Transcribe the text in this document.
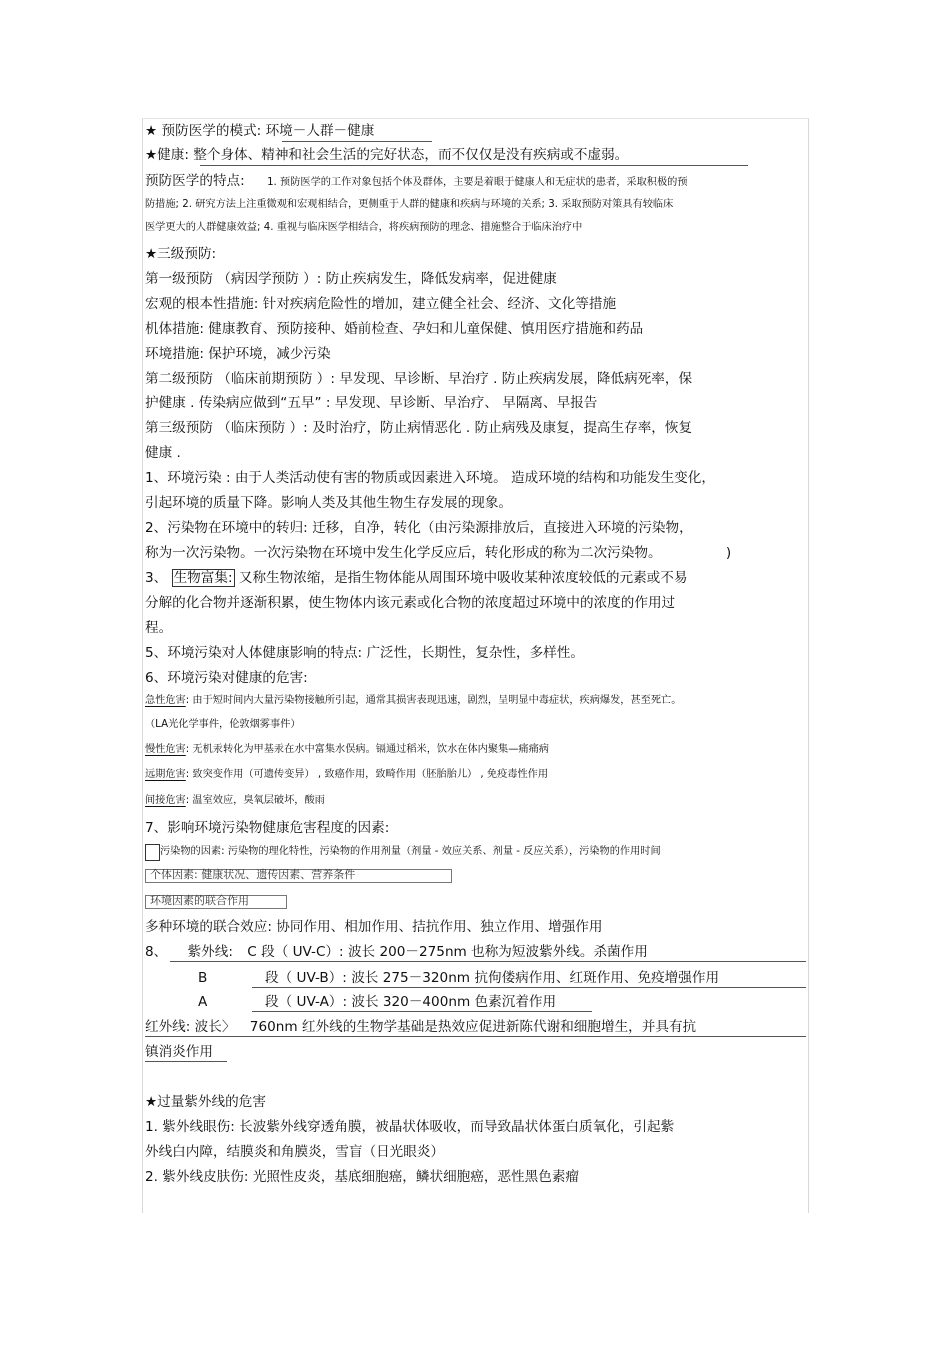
★ 预防医学的模式: 环境－人群－健康
★健康: 整个身体、精神和社会生活的完好状态，而不仅仅是没有疾病或不虚弱。
预防医学的特点: 1. 预防医学的工作对象包括个体及群体，主要是着眼于健康人和无症状的患者，采取积极的预
防措施; 2. 研究方法上注重微观和宏观相结合，更侧重于人群的健康和疾病与环境的关系; 3. 采取预防对策具有较临床
医学更大的人群健康效益; 4. 重视与临床医学相结合，将疾病预防的理念、措施整合于临床治疗中
★三级预防:
第一级预防 （病因学预防 ）: 防止疾病发生，降低发病率，促进健康
宏观的根本性措施: 针对疾病危险性的增加，建立健全社会、经济、文化等措施
机体措施: 健康教育、预防接种、婚前检查、孕妇和儿童保健、慎用医疗措施和药品
环境措施: 保护环境，减少污染
第二级预防 （临床前期预防 ）: 早发现、早诊断、早治疗 . 防止疾病发展，降低病死率，保
护健康 . 传染病应做到“五早” : 早发现、早诊断、早治疗、 早隔离、早报告
第三级预防 （临床预防 ）: 及时治疗，防止病情恶化 . 防止病残及康复，提高生存率，恢复
健康 .
1、环境污染 : 由于人类活动使有害的物质或因素进入环境。 造成环境的结构和功能发生变化，
引起环境的质量下降。影响人类及其他生物生存发展的现象。
2、污染物在环境中的转归: 迁移，自净，转化（由污染源排放后，直接进入环境的污染物，
称为一次污染物。一次污染物在环境中发生化学反应后，转化形成的称为二次污染物。	)
3、 生物富集: 又称生物浓缩，是指生物体能从周围环境中吸收某种浓度较低的元素或不易
分解的化合物并逐渐积累，使生物体内该元素或化合物的浓度超过环境中的浓度的作用过
程。
5、环境污染对人体健康影响的特点: 广泛性，长期性，复杂性，多样性。
6、环境污染对健康的危害:
急性危害: 由于短时间内大量污染物接触所引起，通常其损害表现迅速，剧烈，呈明显中毒症状，疾病爆发，甚至死亡。
（LA光化学事件，伦敦烟雾事件）
慢性危害: 无机汞转化为甲基汞在水中富集水俣病。镉通过稻米，饮水在体内聚集—痛痛病
远期危害: 致突变作用（可遗传变异） , 致癌作用，致畸作用（胚胎胎儿） , 免疫毒性作用
间接危害: 温室效应，臭氧层破坏，酸雨
7、影响环境污染物健康危害程度的因素:
污染物的因素: 污染物的理化特性，污染物的作用剂量（剂量 - 效应关系、剂量 - 反应关系），污染物的作用时间
个体因素: 健康状况、遗传因素、营养条件
环境因素的联合作用
多种环境的联合效应: 协同作用、相加作用、拮抗作用、独立作用、增强作用
8、 紫外线: C 段（ UV-C）: 波长 200－275nm 也称为短波紫外线。杀菌作用
B	段（ UV-B）: 波长 275－320nm 抗佝偻病作用、红斑作用、免疫增强作用
A	段（ UV-A）: 波长 320－400nm 色素沉着作用
红外线: 波长〉 760nm 红外线的生物学基础是热效应促进新陈代谢和细胞增生，并具有抗
镇消炎作用
★过量紫外线的危害
1. 紫外线眼伤: 长波紫外线穿透角膜，被晶状体吸收，而导致晶状体蛋白质氧化，引起紫
外线白内障，结膜炎和角膜炎，雪盲（日光眼炎）
2. 紫外线皮肤伤: 光照性皮炎，基底细胞癌，鳞状细胞癌，恶性黑色素瘤
